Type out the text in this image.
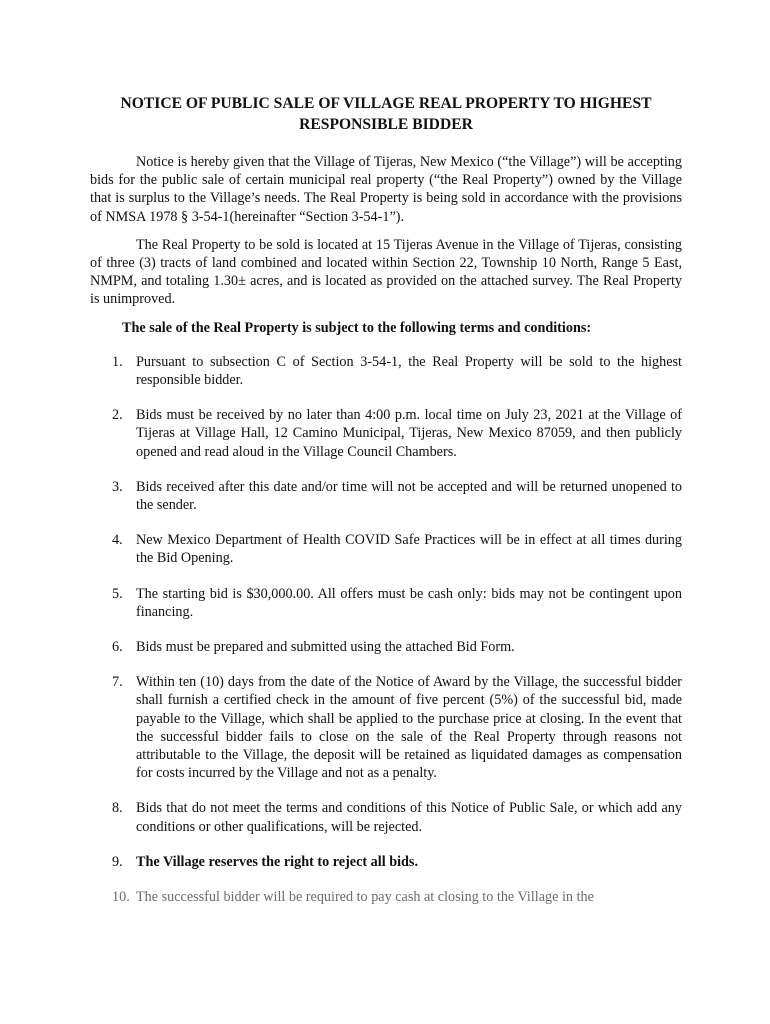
NOTICE OF PUBLIC SALE OF VILLAGE REAL PROPERTY TO HIGHEST RESPONSIBLE BIDDER

Notice is hereby given that the Village of Tijeras, New Mexico (“the Village”) will be accepting bids for the public sale of certain municipal real property (“the Real Property”) owned by the Village that is surplus to the Village’s needs. The Real Property is being sold in accordance with the provisions of NMSA 1978 § 3-54-1(hereinafter “Section 3-54-1”).

The Real Property to be sold is located at 15 Tijeras Avenue in the Village of Tijeras, consisting of three (3) tracts of land combined and located within Section 22, Township 10 North, Range 5 East, NMPM, and totaling 1.30± acres, and is located as provided on the attached survey. The Real Property is unimproved.

The sale of the Real Property is subject to the following terms and conditions:

1. Pursuant to subsection C of Section 3-54-1, the Real Property will be sold to the highest responsible bidder.
2. Bids must be received by no later than 4:00 p.m. local time on July 23, 2021 at the Village of Tijeras at Village Hall, 12 Camino Municipal, Tijeras, New Mexico 87059, and then publicly opened and read aloud in the Village Council Chambers.
3. Bids received after this date and/or time will not be accepted and will be returned unopened to the sender.
4. New Mexico Department of Health COVID Safe Practices will be in effect at all times during the Bid Opening.
5. The starting bid is $30,000.00. All offers must be cash only: bids may not be contingent upon financing.
6. Bids must be prepared and submitted using the attached Bid Form.
7. Within ten (10) days from the date of the Notice of Award by the Village, the successful bidder shall furnish a certified check in the amount of five percent (5%) of the successful bid, made payable to the Village, which shall be applied to the purchase price at closing. In the event that the successful bidder fails to close on the sale of the Real Property through reasons not attributable to the Village, the deposit will be retained as liquidated damages as compensation for costs incurred by the Village and not as a penalty.
8. Bids that do not meet the terms and conditions of this Notice of Public Sale, or which add any conditions or other qualifications, will be rejected.
9. The Village reserves the right to reject all bids.
10. The successful bidder will be required to pay cash at closing to the Village in the
